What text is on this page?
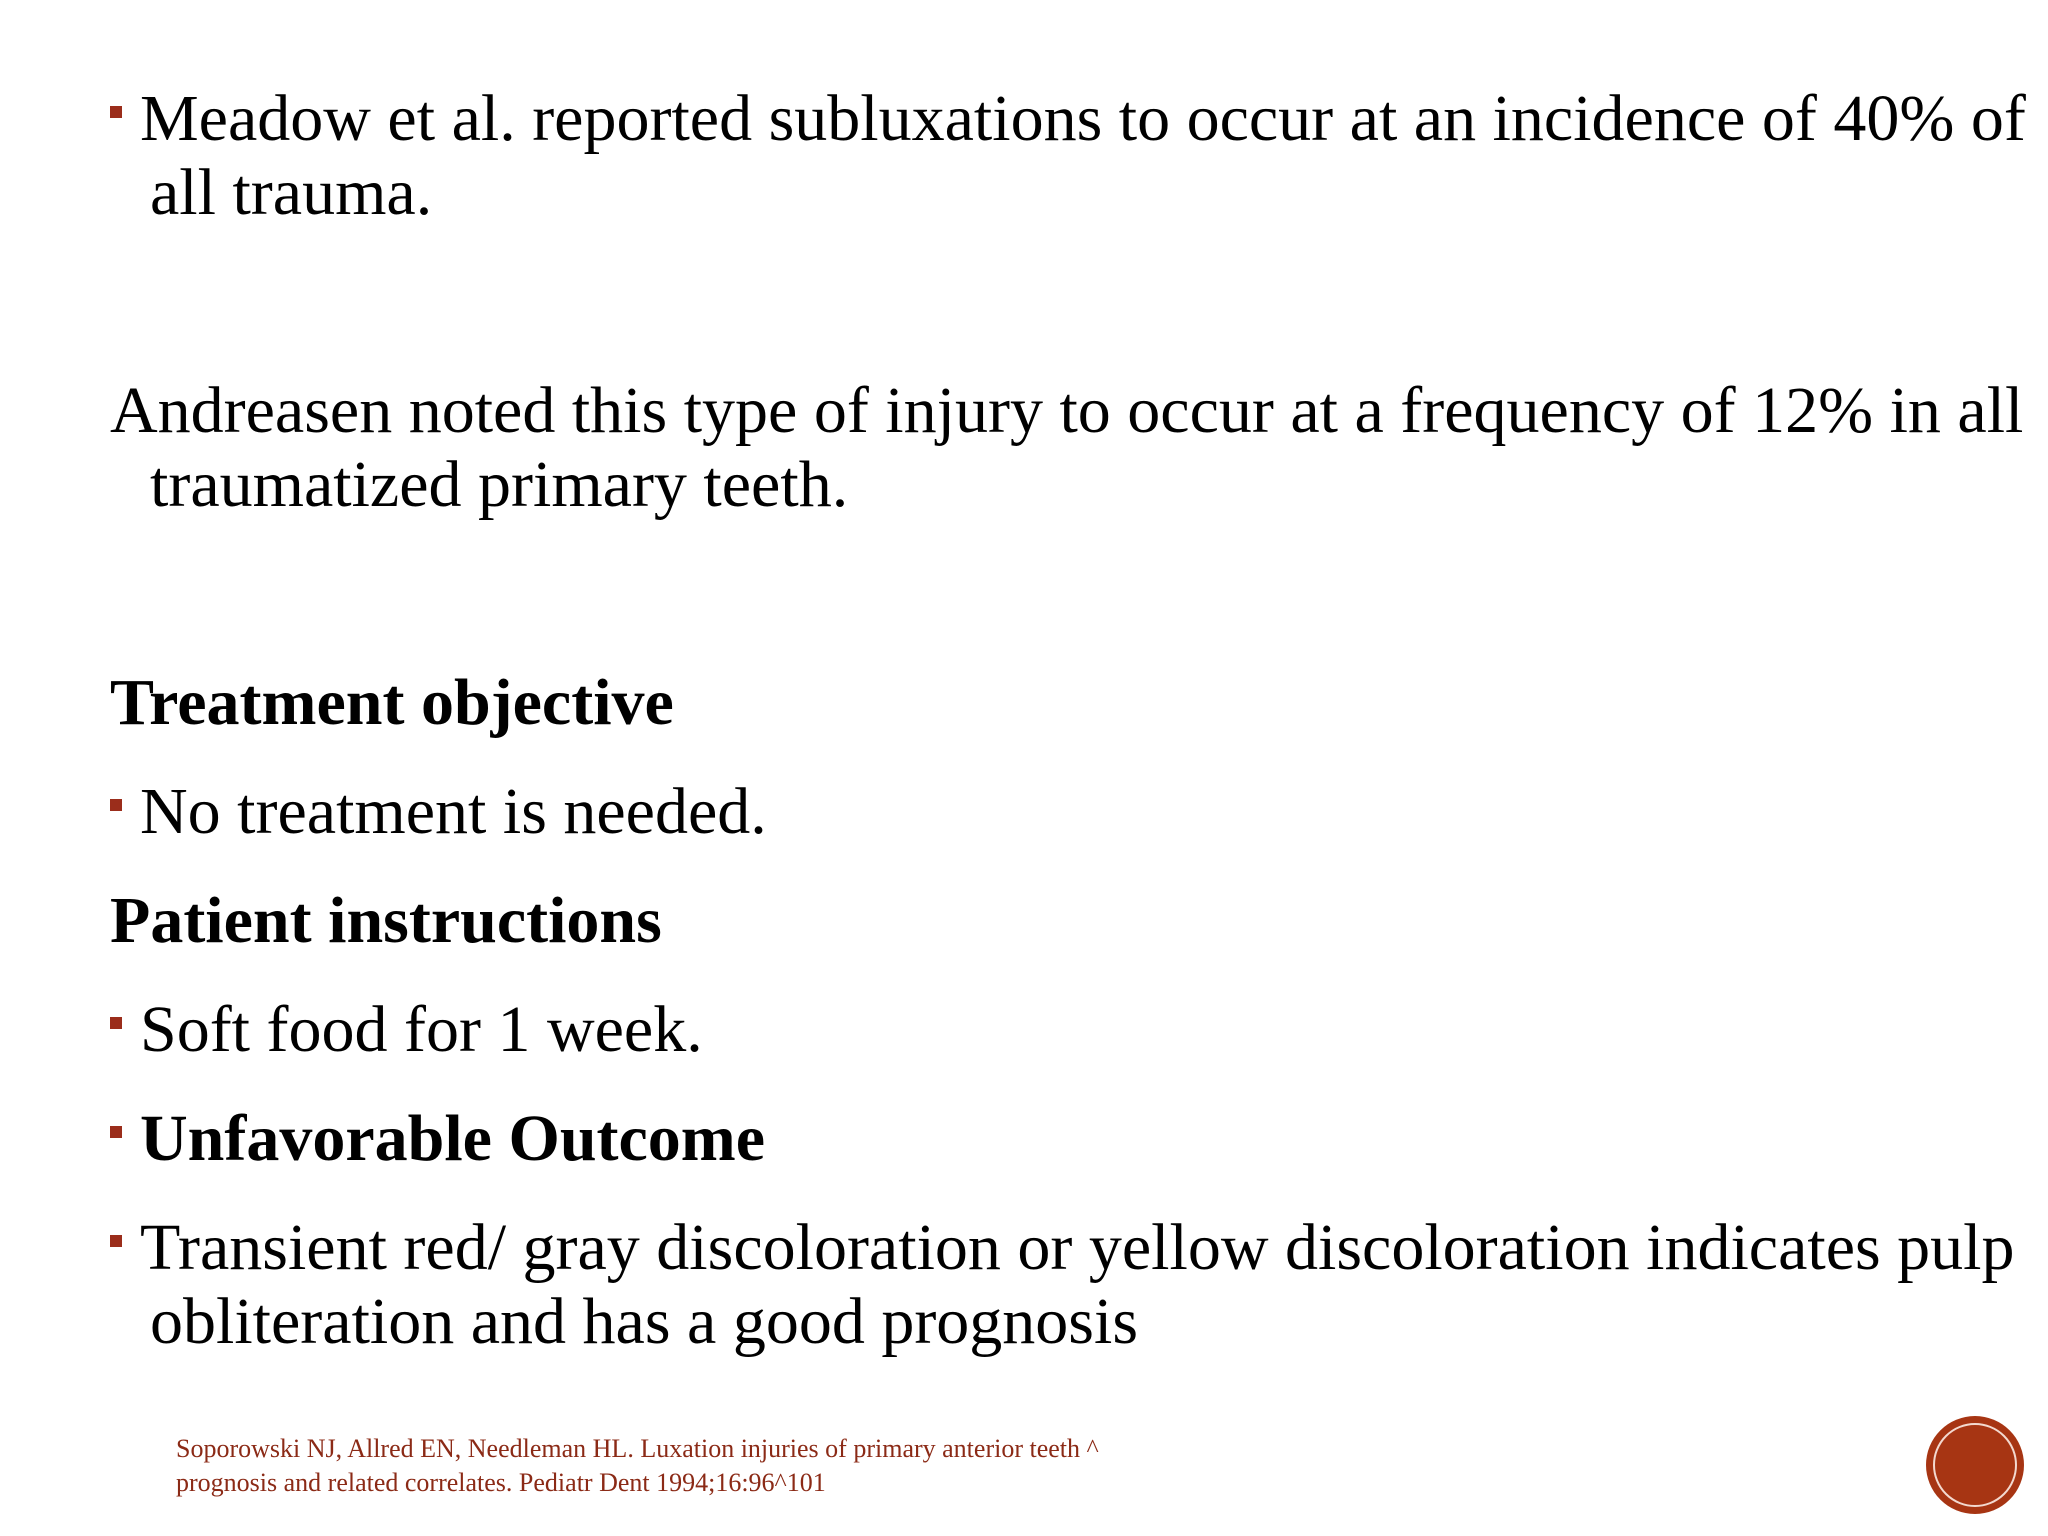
Meadow et al. reported subluxations to occur at an incidence of 40% of all trauma.

Andreasen noted this type of injury to occur at a frequency of 12% in all traumatized primary teeth.

Treatment objective

No treatment is needed.

Patient instructions

Soft food for 1 week.

Unfavorable Outcome

Transient red/ gray discoloration or yellow discoloration indicates pulp obliteration and has a good prognosis

Soporowski NJ, Allred EN, Needleman HL. Luxation injuries of primary anterior teeth ^
prognosis and related correlates. Pediatr Dent 1994;16:96^101
